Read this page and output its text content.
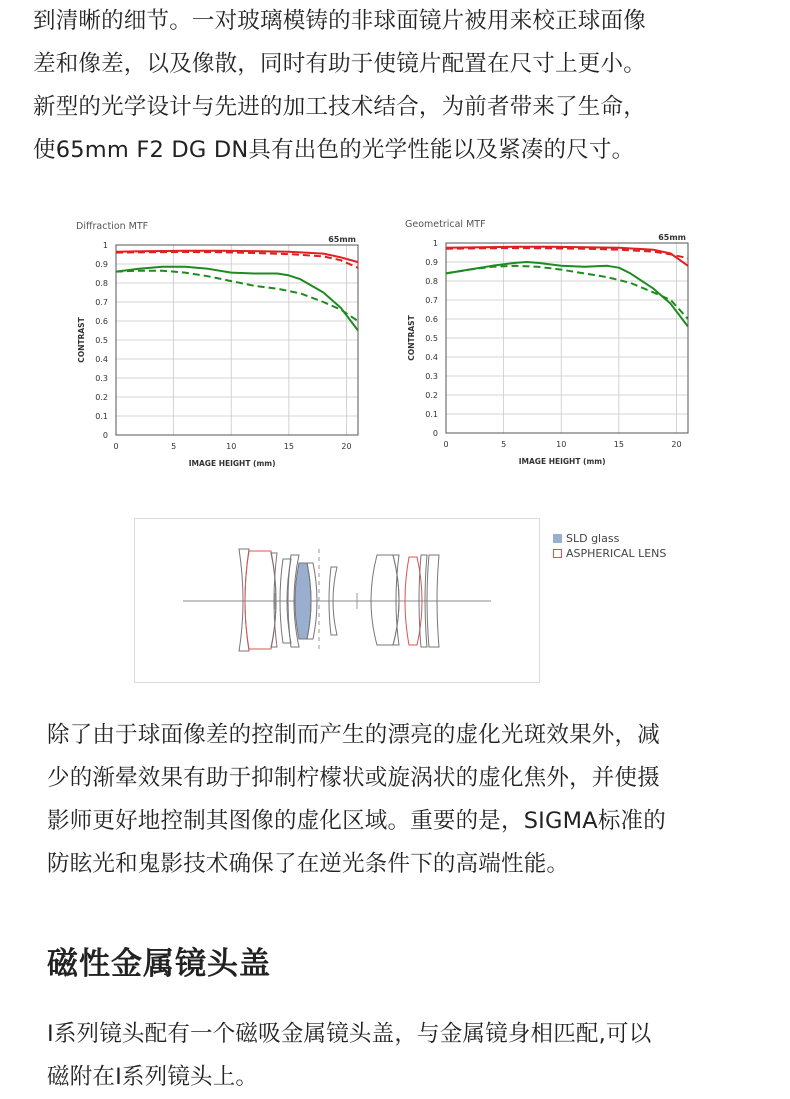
到清晰的细节。一对玻璃模铸的非球面镜片被用来校正球面像
差和像差，以及像散，同时有助于使镜片配置在尺寸上更小。
新型的光学设计与先进的加工技术结合，为前者带来了生命，
使65mm F2 DG DN具有出色的光学性能以及紧凑的尺寸。
Diffraction MTF
65mm
0
0.1
0.2
0.3
0.4
0.5
0.6
0.7
0.8
0.9
1
0	5	10	15	20
IMAGE HEIGHT (mm)
CONTRAST
Geometrical MTF
65mm
0
0.1
0.2
0.3
0.4
0.5
0.6
0.7
0.8
0.9
1
0	5	10	15	20
IMAGE HEIGHT (mm)
CONTRAST
SLD glass
ASPHERICAL LENS
除了由于球面像差的控制而产生的漂亮的虚化光斑效果外，减
少的渐晕效果有助于抑制柠檬状或旋涡状的虚化焦外，并使摄
影师更好地控制其图像的虚化区域。重要的是，SIGMA标准的
防眩光和鬼影技术确保了在逆光条件下的高端性能。
磁性金属镜头盖
I系列镜头配有一个磁吸金属镜头盖，与金属镜身相匹配,可以
磁附在I系列镜头上。
